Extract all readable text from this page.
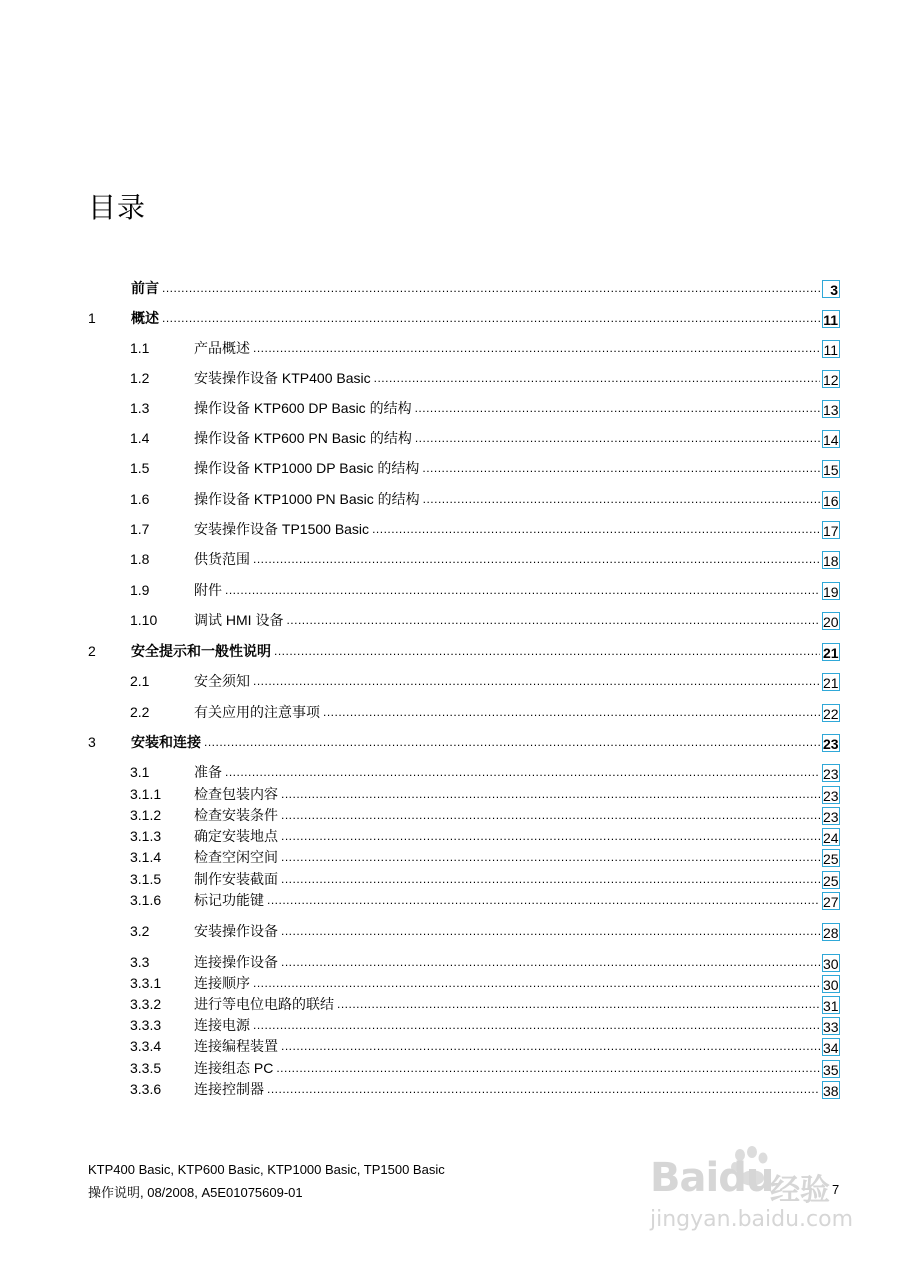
目录
前言 .....	3
1	概述 .....	11
1.1	产品概述 .....	11
1.2	安装操作设备 KTP400 Basic .....	12
1.3	操作设备 KTP600 DP Basic 的结构 .....	13
1.4	操作设备 KTP600 PN Basic 的结构 .....	14
1.5	操作设备 KTP1000 DP Basic 的结构 .....	15
1.6	操作设备 KTP1000 PN Basic 的结构 .....	16
1.7	安装操作设备 TP1500 Basic .....	17
1.8	供货范围 .....	18
1.9	附件 .....	19
1.10	调试 HMI 设备 .....	20
2	安全提示和一般性说明 .....	21
2.1	安全须知 .....	21
2.2	有关应用的注意事项 .....	22
3	安装和连接 .....	23
3.1	准备 .....	23
3.1.1	检查包装内容 .....	23
3.1.2	检查安装条件 .....	23
3.1.3	确定安装地点 .....	24
3.1.4	检查空闲空间 .....	25
3.1.5	制作安装截面 .....	25
3.1.6	标记功能键 .....	27
3.2	安装操作设备 .....	28
3.3	连接操作设备 .....	30
3.3.1	连接顺序 .....	30
3.3.2	进行等电位电路的联结 .....	31
3.3.3	连接电源 .....	33
3.3.4	连接编程装置 .....	34
3.3.5	连接组态 PC .....	35
3.3.6	连接控制器 .....	38
KTP400 Basic, KTP600 Basic, KTP1000 Basic, TP1500 Basic
操作说明, 08/2008, A5E01075609-01	7
Baidu
经验
jingyan.baidu.com
